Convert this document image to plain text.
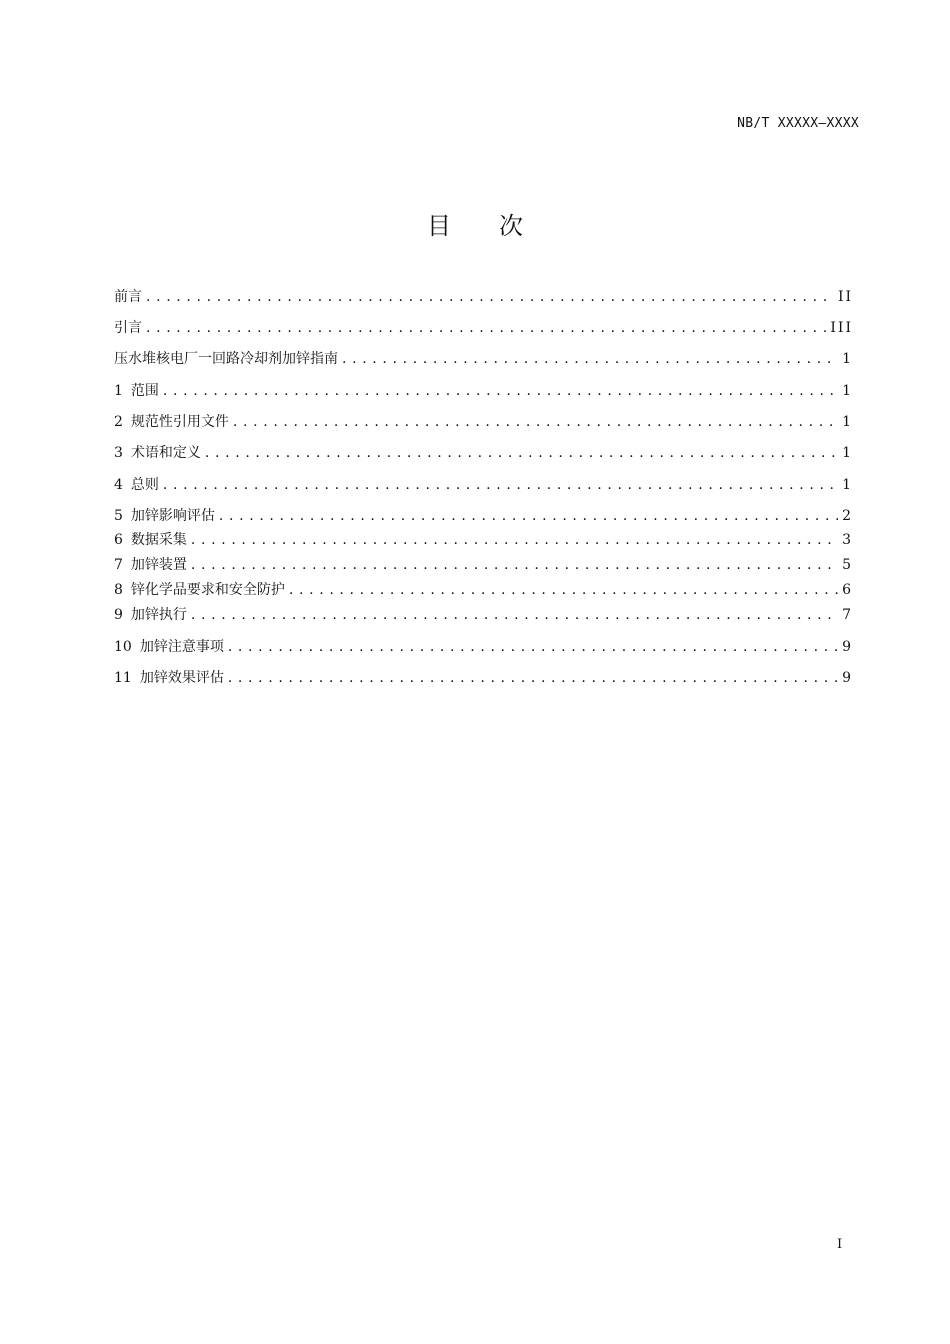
NB/T XXXXX—XXXX
目次
前言 . . .	II
引言 . . .	III
压水堆核电厂一回路冷却剂加锌指南 . . .	1
1 范围 . . .	1
2 规范性引用文件 . . .	1
3 术语和定义 . . .	1
4 总则 . . .	1
5 加锌影响评估 . . .	2
6 数据采集 . . .	3
7 加锌装置 . . .	5
8 锌化学品要求和安全防护 . . .	6
9 加锌执行 . . .	7
10 加锌注意事项 . . .	9
11 加锌效果评估 . . .	9
I
